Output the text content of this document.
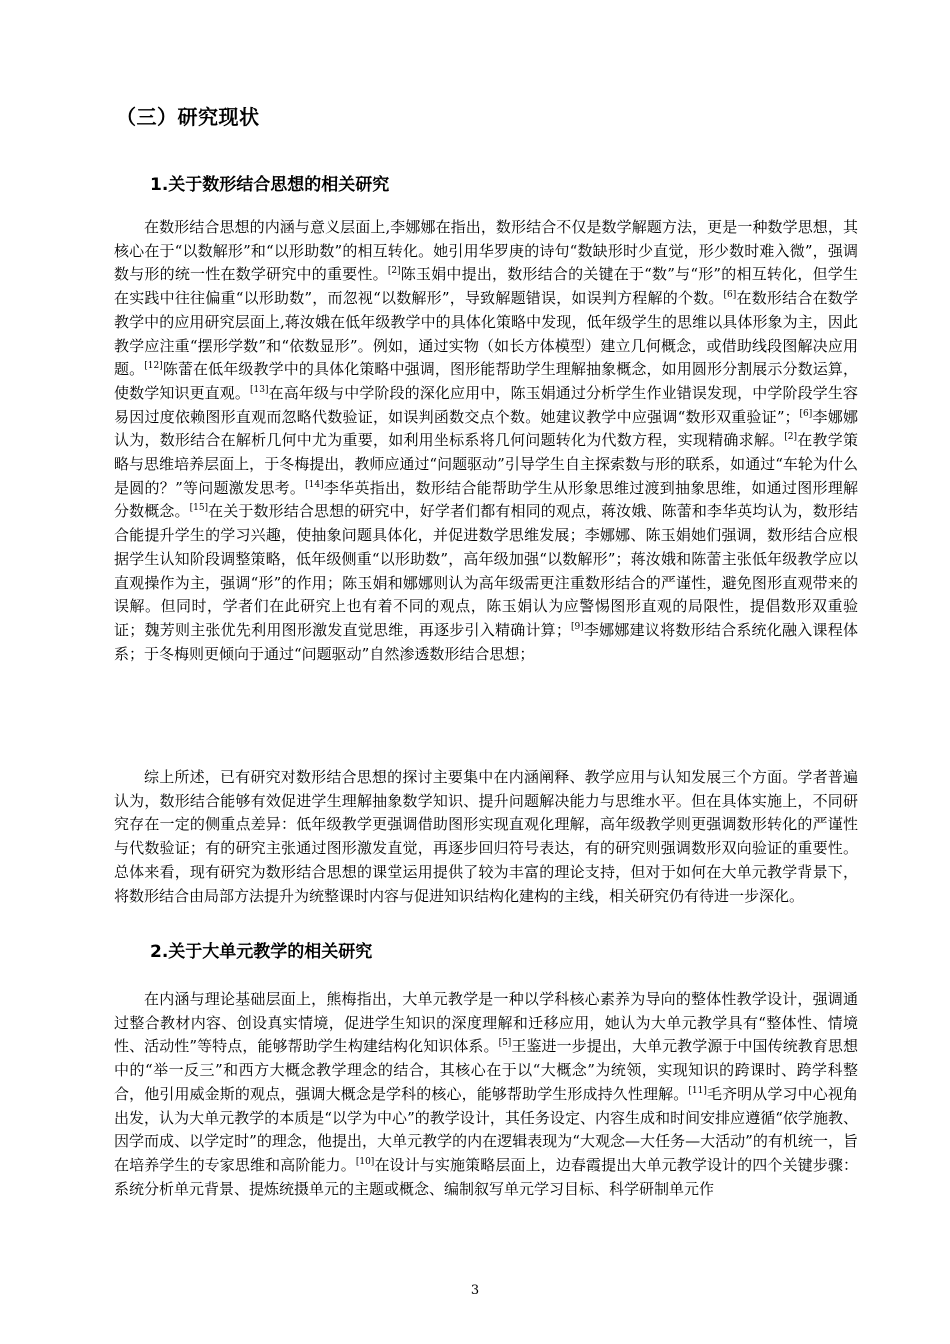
（三）研究现状
1.关于数形结合思想的相关研究

在数形结合思想的内涵与意义层面上,李娜娜在指出，数形结合不仅是数学解题方法，更是一种数学思想，其核心在于“以数解形”和“以形助数”的相互转化。她引用华罗庚的诗句“数缺形时少直觉，形少数时难入微”，强调数与形的统一性在数学研究中的重要性。[2]陈玉娟中提出，数形结合的关键在于“数”与“形”的相互转化，但学生在实践中往往偏重“以形助数”，而忽视“以数解形”，导致解题错误，如误判方程解的个数。[6]在数形结合在数学教学中的应用研究层面上,蒋汝娥在低年级教学中的具体化策略中发现，低年级学生的思维以具体形象为主，因此教学应注重“摆形学数”和“依数显形”。例如，通过实物（如长方体模型）建立几何概念，或借助线段图解决应用题。[12]陈蕾在低年级教学中的具体化策略中强调，图形能帮助学生理解抽象概念，如用圆形分割展示分数运算，使数学知识更直观。[13]在高年级与中学阶段的深化应用中，陈玉娟通过分析学生作业错误发现，中学阶段学生容易因过度依赖图形直观而忽略代数验证，如误判函数交点个数。她建议教学中应强调“数形双重验证”；[6]李娜娜认为，数形结合在解析几何中尤为重要，如利用坐标系将几何问题转化为代数方程，实现精确求解。[2]在教学策略与思维培养层面上，于冬梅提出，教师应通过“问题驱动”引导学生自主探索数与形的联系，如通过“车轮为什么是圆的？”等问题激发思考。[14]李华英指出，数形结合能帮助学生从形象思维过渡到抽象思维，如通过图形理解分数概念。[15]在关于数形结合思想的研究中，好学者们都有相同的观点，蒋汝娥、陈蕾和李华英均认为，数形结合能提升学生的学习兴趣，使抽象问题具体化，并促进数学思维发展；李娜娜、陈玉娟她们强调，数形结合应根据学生认知阶段调整策略，低年级侧重“以形助数”，高年级加强“以数解形”；蒋汝娥和陈蕾主张低年级教学应以直观操作为主，强调“形”的作用；陈玉娟和娜娜则认为高年级需更注重数形结合的严谨性，避免图形直观带来的误解。但同时，学者们在此研究上也有着不同的观点，陈玉娟认为应警惕图形直观的局限性，提倡数形双重验证；魏芳则主张优先利用图形激发直觉思维，再逐步引入精确计算；[9]李娜娜建议将数形结合系统化融入课程体系；于冬梅则更倾向于通过“问题驱动”自然渗透数形结合思想；

综上所述，已有研究对数形结合思想的探讨主要集中在内涵阐释、教学应用与认知发展三个方面。学者普遍认为，数形结合能够有效促进学生理解抽象数学知识、提升问题解决能力与思维水平。但在具体实施上，不同研究存在一定的侧重点差异：低年级教学更强调借助图形实现直观化理解，高年级教学则更强调数形转化的严谨性与代数验证；有的研究主张通过图形激发直觉，再逐步回归符号表达，有的研究则强调数形双向验证的重要性。总体来看，现有研究为数形结合思想的课堂运用提供了较为丰富的理论支持，但对于如何在大单元教学背景下，将数形结合由局部方法提升为统整课时内容与促进知识结构化建构的主线，相关研究仍有待进一步深化。

2.关于大单元教学的相关研究

在内涵与理论基础层面上，熊梅指出，大单元教学是一种以学科核心素养为导向的整体性教学设计，强调通过整合教材内容、创设真实情境，促进学生知识的深度理解和迁移应用，她认为大单元教学具有“整体性、情境性、活动性”等特点，能够帮助学生构建结构化知识体系。[5]王鉴进一步提出，大单元教学源于中国传统教育思想中的“举一反三”和西方大概念教学理念的结合，其核心在于以“大概念”为统领，实现知识的跨课时、跨学科整合，他引用威金斯的观点，强调大概念是学科的核心，能够帮助学生形成持久性理解。[11]毛齐明从学习中心视角出发，认为大单元教学的本质是“以学为中心”的教学设计，其任务设定、内容生成和时间安排应遵循“依学施教、因学而成、以学定时”的理念，他提出，大单元教学的内在逻辑表现为“大观念—大任务—大活动”的有机统一，旨在培养学生的专家思维和高阶能力。[10]在设计与实施策略层面上，边春霞提出大单元教学设计的四个关键步骤：系统分析单元背景、提炼统摄单元的主题或概念、编制叙写单元学习目标、科学研制单元作

3
